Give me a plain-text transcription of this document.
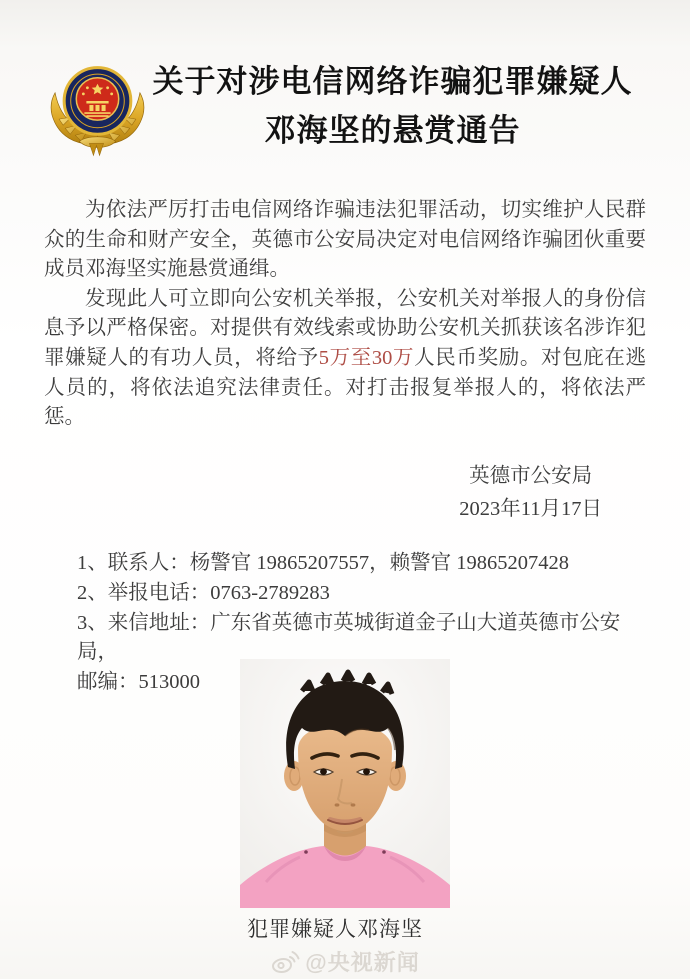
关于对涉电信网络诈骗犯罪嫌疑人
邓海坚的悬赏通告

为依法严厉打击电信网络诈骗违法犯罪活动，切实维护人民群众的生命和财产安全，英德市公安局决定对电信网络诈骗团伙重要成员邓海坚实施悬赏通缉。

发现此人可立即向公安机关举报，公安机关对举报人的身份信息予以严格保密。对提供有效线索或协助公安机关抓获该名涉诈犯罪嫌疑人的有功人员，将给予5万至30万人民币奖励。对包庇在逃人员的，将依法追究法律责任。对打击报复举报人的，将依法严惩。

英德市公安局
2023年11月17日
1、联系人：杨警官 19865207557，赖警官 19865207428
2、举报电话：0763-2789283
3、来信地址：广东省英德市英城街道金子山大道英德市公安局，
邮编：513000
犯罪嫌疑人邓海坚
@央视新闻
